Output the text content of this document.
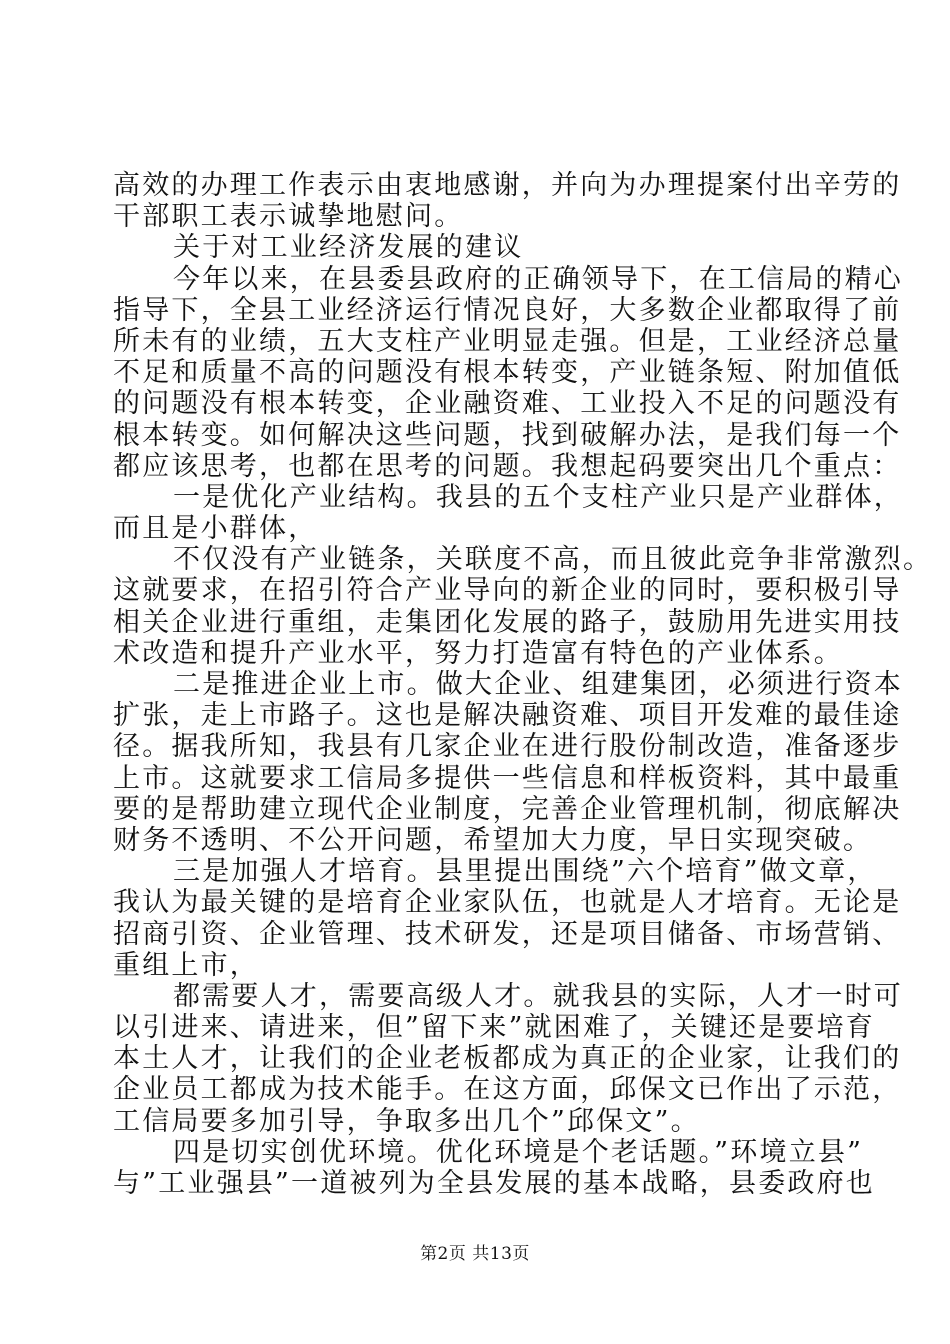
高效的办理工作表示由衷地感谢，并向为办理提案付出辛劳的
干部职工表示诚挚地慰问。
关于对工业经济发展的建议
今年以来，在县委县政府的正确领导下，在工信局的精心
指导下，全县工业经济运行情况良好，大多数企业都取得了前
所未有的业绩，五大支柱产业明显走强。但是，工业经济总量
不足和质量不高的问题没有根本转变，产业链条短、附加值低
的问题没有根本转变，企业融资难、工业投入不足的问题没有
根本转变。如何解决这些问题，找到破解办法，是我们每一个
都应该思考，也都在思考的问题。我想起码要突出几个重点：
一是优化产业结构。我县的五个支柱产业只是产业群体，
而且是小群体，
不仅没有产业链条，关联度不高，而且彼此竞争非常激烈。
这就要求，在招引符合产业导向的新企业的同时，要积极引导
相关企业进行重组，走集团化发展的路子，鼓励用先进实用技
术改造和提升产业水平，努力打造富有特色的产业体系。
二是推进企业上市。做大企业、组建集团，必须进行资本
扩张，走上市路子。这也是解决融资难、项目开发难的最佳途
径。据我所知，我县有几家企业在进行股份制改造，准备逐步
上市。这就要求工信局多提供一些信息和样板资料，其中最重
要的是帮助建立现代企业制度，完善企业管理机制，彻底解决
财务不透明、不公开问题，希望加大力度，早日实现突破。
三是加强人才培育。县里提出围绕”六个培育”做文章，
我认为最关键的是培育企业家队伍，也就是人才培育。无论是
招商引资、企业管理、技术研发，还是项目储备、市场营销、
重组上市，
都需要人才，需要高级人才。就我县的实际，人才一时可
以引进来、请进来，但”留下来”就困难了，关键还是要培育
本土人才，让我们的企业老板都成为真正的企业家，让我们的
企业员工都成为技术能手。在这方面，邱保文已作出了示范，
工信局要多加引导，争取多出几个”邱保文”。
四是切实创优环境。优化环境是个老话题。”环境立县”
与”工业强县”一道被列为全县发展的基本战略，县委政府也
第2页 共13页
